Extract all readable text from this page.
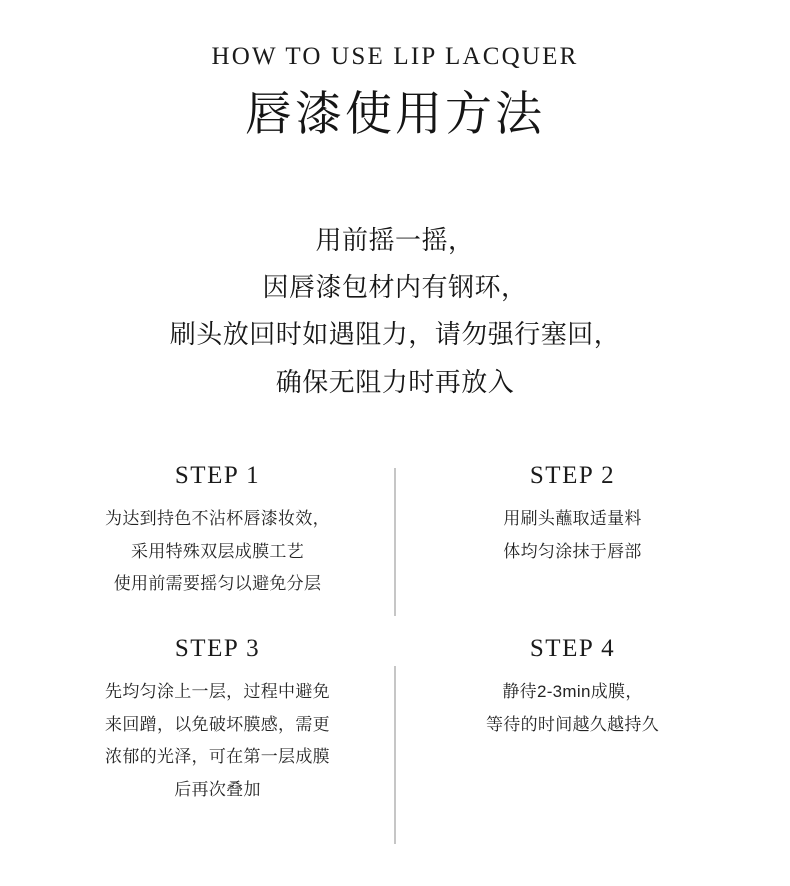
HOW TO USE LIP LACQUER
唇漆使用方法
用前摇一摇，
因唇漆包材内有钢环，
刷头放回时如遇阻力，请勿强行塞回，
确保无阻力时再放入
STEP 1
为达到持色不沾杯唇漆妆效，
采用特殊双层成膜工艺
使用前需要摇匀以避免分层
STEP 2
用刷头蘸取适量料
体均匀涂抹于唇部
STEP 3
先均匀涂上一层，过程中避免
来回蹭，以免破坏膜感，需更
浓郁的光泽，可在第一层成膜
后再次叠加
STEP 4
静待2-3min成膜，
等待的时间越久越持久
